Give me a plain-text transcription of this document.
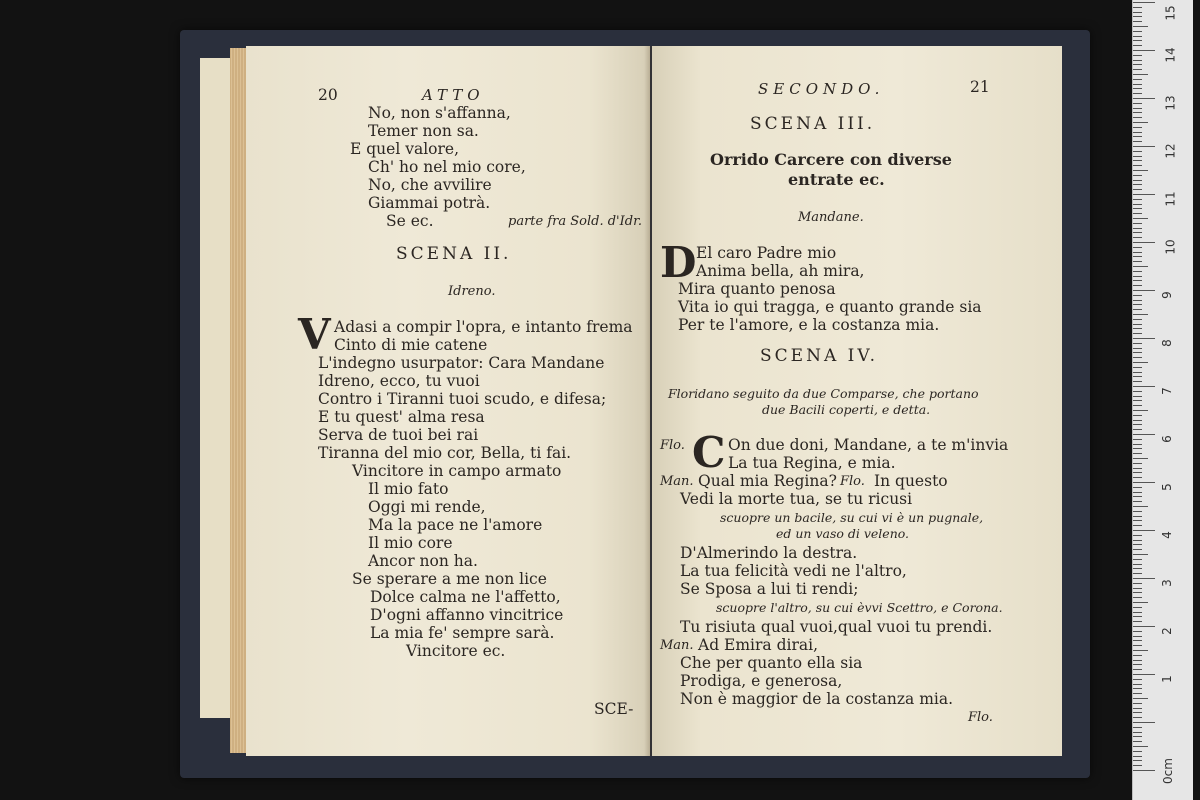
20	ATTO
No, non s'affanna,
Temer non sa.
E quel valore,
Ch' ho nel mio core,
No, che avvilire
Giammai potrà.
Se ec.	parte fra Sold. d'Idr.
SCENA II.
Idreno.
V Adasi a compir l'opra, e intanto frema
Cinto di mie catene
L'indegno usurpator: Cara Mandane
Idreno, ecco, tu vuoi
Contro i Tiranni tuoi scudo, e difesa;
E tu quest' alma resa
Serva de tuoi bei rai
Tiranna del mio cor, Bella, ti fai.
Vincitore in campo armato
Il mio fato
Oggi mi rende,
Ma la pace ne l'amore
Il mio core
Ancor non ha.
Se sperare a me non lice
Dolce calma ne l'affetto,
D'ogni affanno vincitrice
La mia fe' sempre sarà.
Vincitore ec.
SCE-
SECONDO.	21
SCENA III.
Orrido Carcere con diverse
entrate ec.
Mandane.
D El caro Padre mio
Anima bella, ah mira,
Mira quanto penosa
Vita io qui tragga, e quanto grande sia
Per te l'amore, e la costanza mia.
SCENA IV.
Floridano seguito da due Comparse, che portano
due Bacili coperti, e detta.
Flo. C On due doni, Mandane, a te m'invia
La tua Regina, e mia.
Man. Qual mia Regina? Flo. In questo
Vedi la morte tua, se tu ricusi
scuopre un bacile, su cui vi è un pugnale,
ed un vaso di veleno.
D'Almerindo la destra.
La tua felicità vedi ne l'altro,
Se Sposa a lui ti rendi;
scuopre l'altro, su cui èvvi Scettro, e Corona.
Tu risiuta qual vuoi,qual vuoi tu prendi.
Man. Ad Emira dirai,
Che per quanto ella sia
Prodiga, e generosa,
Non è maggior de la costanza mia.
Flo.
0cm
1
2
3
4
5
6
7
8
9
10
11
12
13
14
15
